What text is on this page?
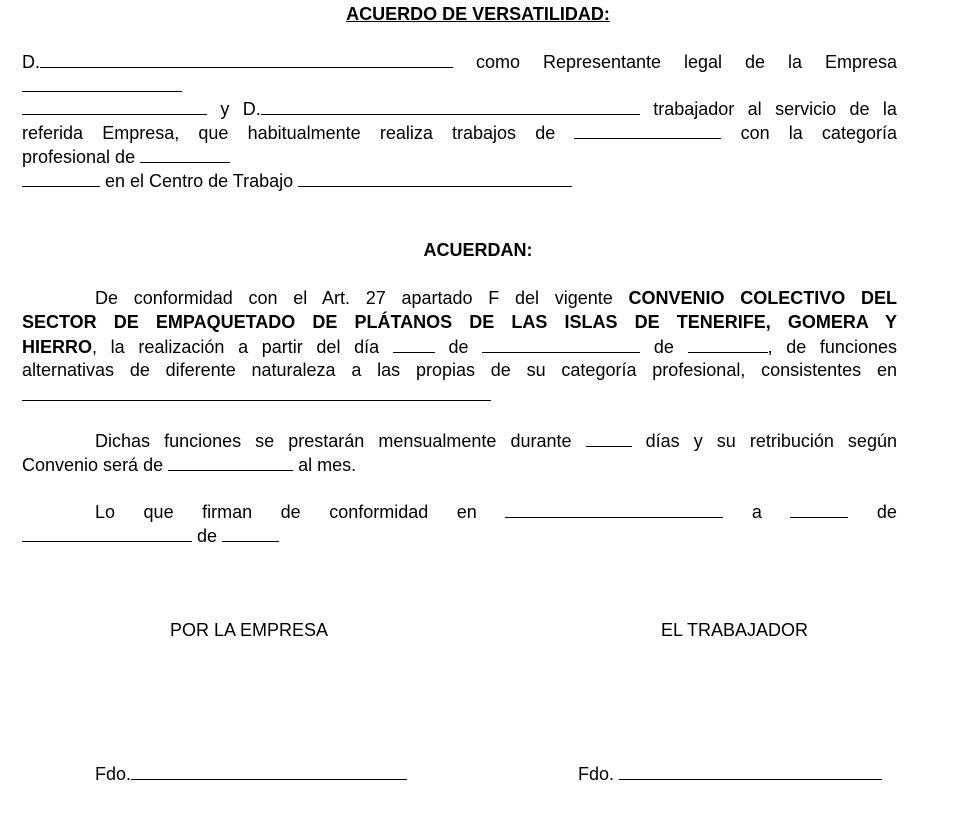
ACUERDO DE VERSATILIDAD:
D.	como Representante legal de la Empresa
y D.	trabajador al servicio de la
referida Empresa, que habitualmente realiza trabajos de	con la categoría
profesional de
en el Centro de Trabajo
ACUERDAN:
De conformidad con el Art. 27 apartado F del vigente CONVENIO COLECTIVO DEL
SECTOR DE EMPAQUETADO DE PLÁTANOS DE LAS ISLAS DE TENERIFE, GOMERA Y
HIERRO, la realización a partir del día	de	de	, de funciones
alternativas de diferente naturaleza a las propias de su categoría profesional, consistentes en
Dichas funciones se prestarán mensualmente durante	días y su retribución según
Convenio será de	al mes.
Lo que firman de conformidad en	a	de
de
POR LA EMPRESA	EL TRABAJADOR
Fdo.	Fdo.
